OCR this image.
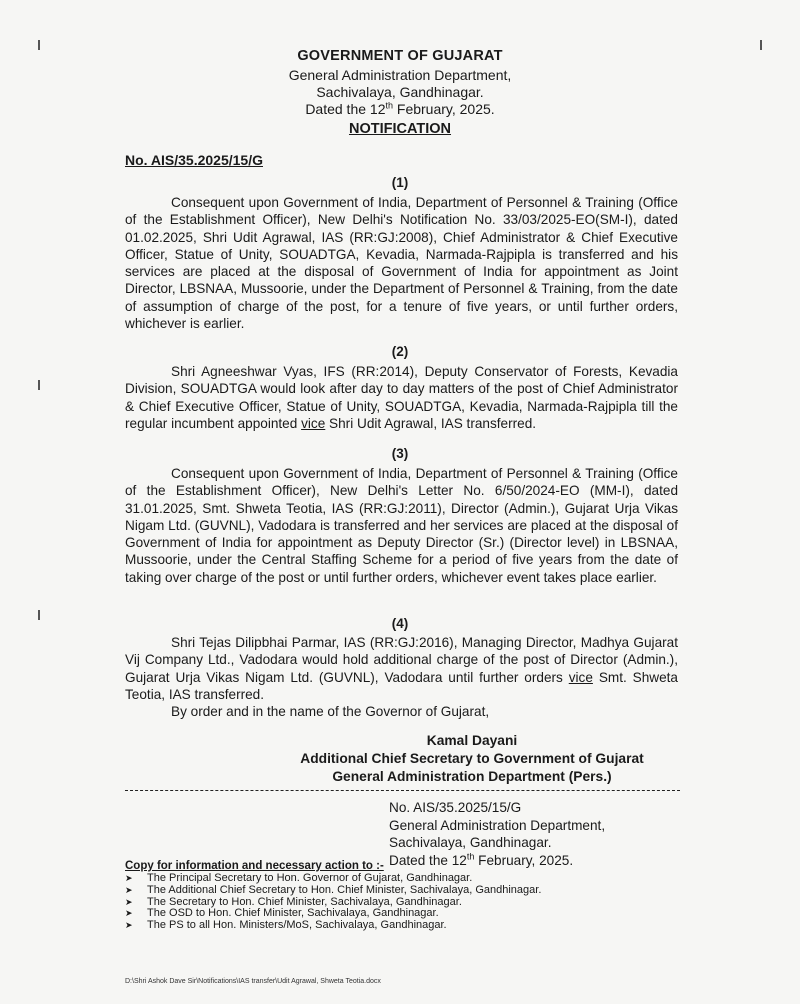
GOVERNMENT OF GUJARAT
General Administration Department,
Sachivalaya, Gandhinagar.
Dated the 12th February, 2025.
NOTIFICATION
No. AIS/35.2025/15/G
(1)
Consequent upon Government of India, Department of Personnel & Training (Office of the Establishment Officer), New Delhi's Notification No. 33/03/2025-EO(SM-I), dated 01.02.2025, Shri Udit Agrawal, IAS (RR:GJ:2008), Chief Administrator & Chief Executive Officer, Statue of Unity, SOUADTGA, Kevadia, Narmada-Rajpipla is transferred and his services are placed at the disposal of Government of India for appointment as Joint Director, LBSNAA, Mussoorie, under the Department of Personnel & Training, from the date of assumption of charge of the post, for a tenure of five years, or until further orders, whichever is earlier.
(2)
Shri Agneeshwar Vyas, IFS (RR:2014), Deputy Conservator of Forests, Kevadia Division, SOUADTGA would look after day to day matters of the post of Chief Administrator & Chief Executive Officer, Statue of Unity, SOUADTGA, Kevadia, Narmada-Rajpipla till the regular incumbent appointed vice Shri Udit Agrawal, IAS transferred.
(3)
Consequent upon Government of India, Department of Personnel & Training (Office of the Establishment Officer), New Delhi's Letter No. 6/50/2024-EO (MM-I), dated 31.01.2025, Smt. Shweta Teotia, IAS (RR:GJ:2011), Director (Admin.), Gujarat Urja Vikas Nigam Ltd. (GUVNL), Vadodara is transferred and her services are placed at the disposal of Government of India for appointment as Deputy Director (Sr.) (Director level) in LBSNAA, Mussoorie, under the Central Staffing Scheme for a period of five years from the date of taking over charge of the post or until further orders, whichever event takes place earlier.
(4)
Shri Tejas Dilipbhai Parmar, IAS (RR:GJ:2016), Managing Director, Madhya Gujarat Vij Company Ltd., Vadodara would hold additional charge of the post of Director (Admin.), Gujarat Urja Vikas Nigam Ltd. (GUVNL), Vadodara until further orders vice Smt. Shweta Teotia, IAS transferred.
By order and in the name of the Governor of Gujarat,
Kamal Dayani
Additional Chief Secretary to Government of Gujarat
General Administration Department (Pers.)
No. AIS/35.2025/15/G
General Administration Department,
Sachivalaya, Gandhinagar.
Dated the 12th February, 2025.
Copy for information and necessary action to :-
➤	The Principal Secretary to Hon. Governor of Gujarat, Gandhinagar.
➤	The Additional Chief Secretary to Hon. Chief Minister, Sachivalaya, Gandhinagar.
➤	The Secretary to Hon. Chief Minister, Sachivalaya, Gandhinagar.
➤	The OSD to Hon. Chief Minister, Sachivalaya, Gandhinagar.
➤	The PS to all Hon. Ministers/MoS, Sachivalaya, Gandhinagar.
D:\Shri Ashok Dave Sir\Notifications\IAS transfer\Udit Agrawal, Shweta Teotia.docx
